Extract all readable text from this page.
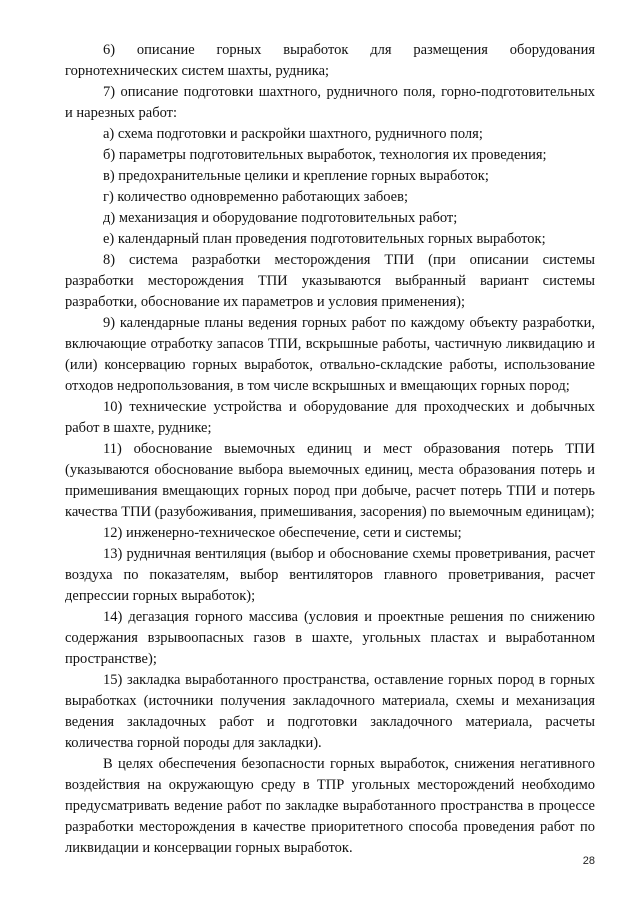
6) описание горных выработок для размещения оборудования горнотехнических систем шахты, рудника;

7) описание подготовки шахтного, рудничного поля, горно-подготовительных и нарезных работ:

а) схема подготовки и раскройки шахтного, рудничного поля;

б) параметры подготовительных выработок, технология их проведения;

в) предохранительные целики и крепление горных выработок;

г) количество одновременно работающих забоев;

д) механизация и оборудование подготовительных работ;

е) календарный план проведения подготовительных горных выработок;

8) система разработки месторождения ТПИ (при описании системы разработки месторождения ТПИ указываются выбранный вариант системы разработки, обоснование их параметров и условия применения);

9) календарные планы ведения горных работ по каждому объекту разработки, включающие отработку запасов ТПИ, вскрышные работы, частичную ликвидацию и (или) консервацию горных выработок, отвально-складские работы, использование отходов недропользования, в том числе вскрышных и вмещающих горных пород;

10) технические устройства и оборудование для проходческих и добычных работ в шахте, руднике;

11) обоснование выемочных единиц и мест образования потерь ТПИ (указываются обоснование выбора выемочных единиц, места образования потерь и примешивания вмещающих горных пород при добыче, расчет потерь ТПИ и потерь качества ТПИ (разубоживания, примешивания, засорения) по выемочным единицам);

12) инженерно-техническое обеспечение, сети и системы;

13) рудничная вентиляция (выбор и обоснование схемы проветривания, расчет воздуха по показателям, выбор вентиляторов главного проветривания, расчет депрессии горных выработок);

14) дегазация горного массива (условия и проектные решения по снижению содержания взрывоопасных газов в шахте, угольных пластах и выработанном пространстве);

15) закладка выработанного пространства, оставление горных пород в горных выработках (источники получения закладочного материала, схемы и механизация ведения закладочных работ и подготовки закладочного материала, расчеты количества горной породы для закладки).

В целях обеспечения безопасности горных выработок, снижения негативного воздействия на окружающую среду в ТПР угольных месторождений необходимо предусматривать ведение работ по закладке выработанного пространства в процессе разработки месторождения в качестве приоритетного способа проведения работ по ликвидации и консервации горных выработок.

28
